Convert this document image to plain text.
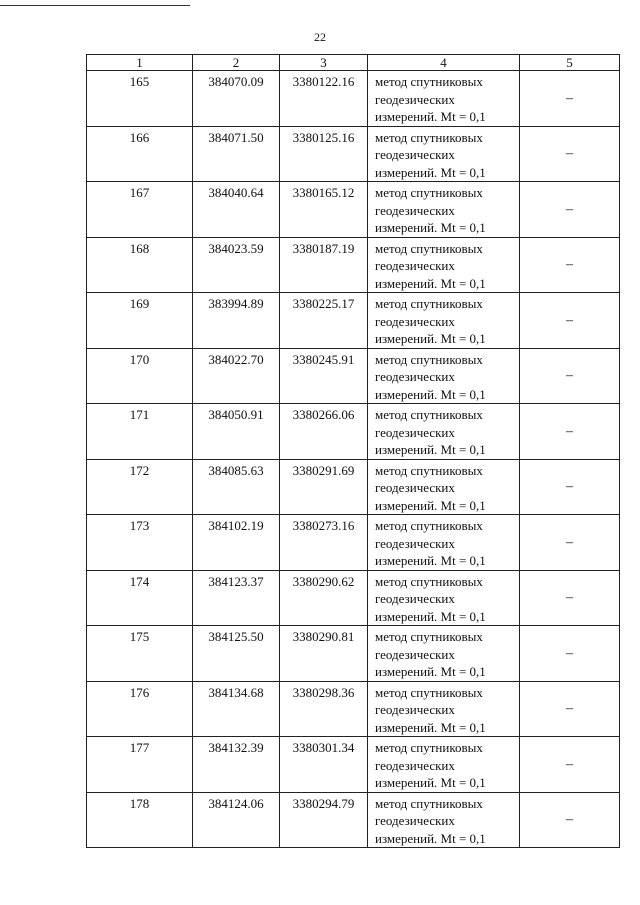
22
1	2	3	4	5
165	384070.09	3380122.16	метод спутниковых геодезических измерений. Mt = 0,1	–
166	384071.50	3380125.16	метод спутниковых геодезических измерений. Mt = 0,1	–
167	384040.64	3380165.12	метод спутниковых геодезических измерений. Mt = 0,1	–
168	384023.59	3380187.19	метод спутниковых геодезических измерений. Mt = 0,1	–
169	383994.89	3380225.17	метод спутниковых геодезических измерений. Mt = 0,1	–
170	384022.70	3380245.91	метод спутниковых геодезических измерений. Mt = 0,1	–
171	384050.91	3380266.06	метод спутниковых геодезических измерений. Mt = 0,1	–
172	384085.63	3380291.69	метод спутниковых геодезических измерений. Mt = 0,1	–
173	384102.19	3380273.16	метод спутниковых геодезических измерений. Mt = 0,1	–
174	384123.37	3380290.62	метод спутниковых геодезических измерений. Mt = 0,1	–
175	384125.50	3380290.81	метод спутниковых геодезических измерений. Mt = 0,1	–
176	384134.68	3380298.36	метод спутниковых геодезических измерений. Mt = 0,1	–
177	384132.39	3380301.34	метод спутниковых геодезических измерений. Mt = 0,1	–
178	384124.06	3380294.79	метод спутниковых геодезических измерений. Mt = 0,1	–
